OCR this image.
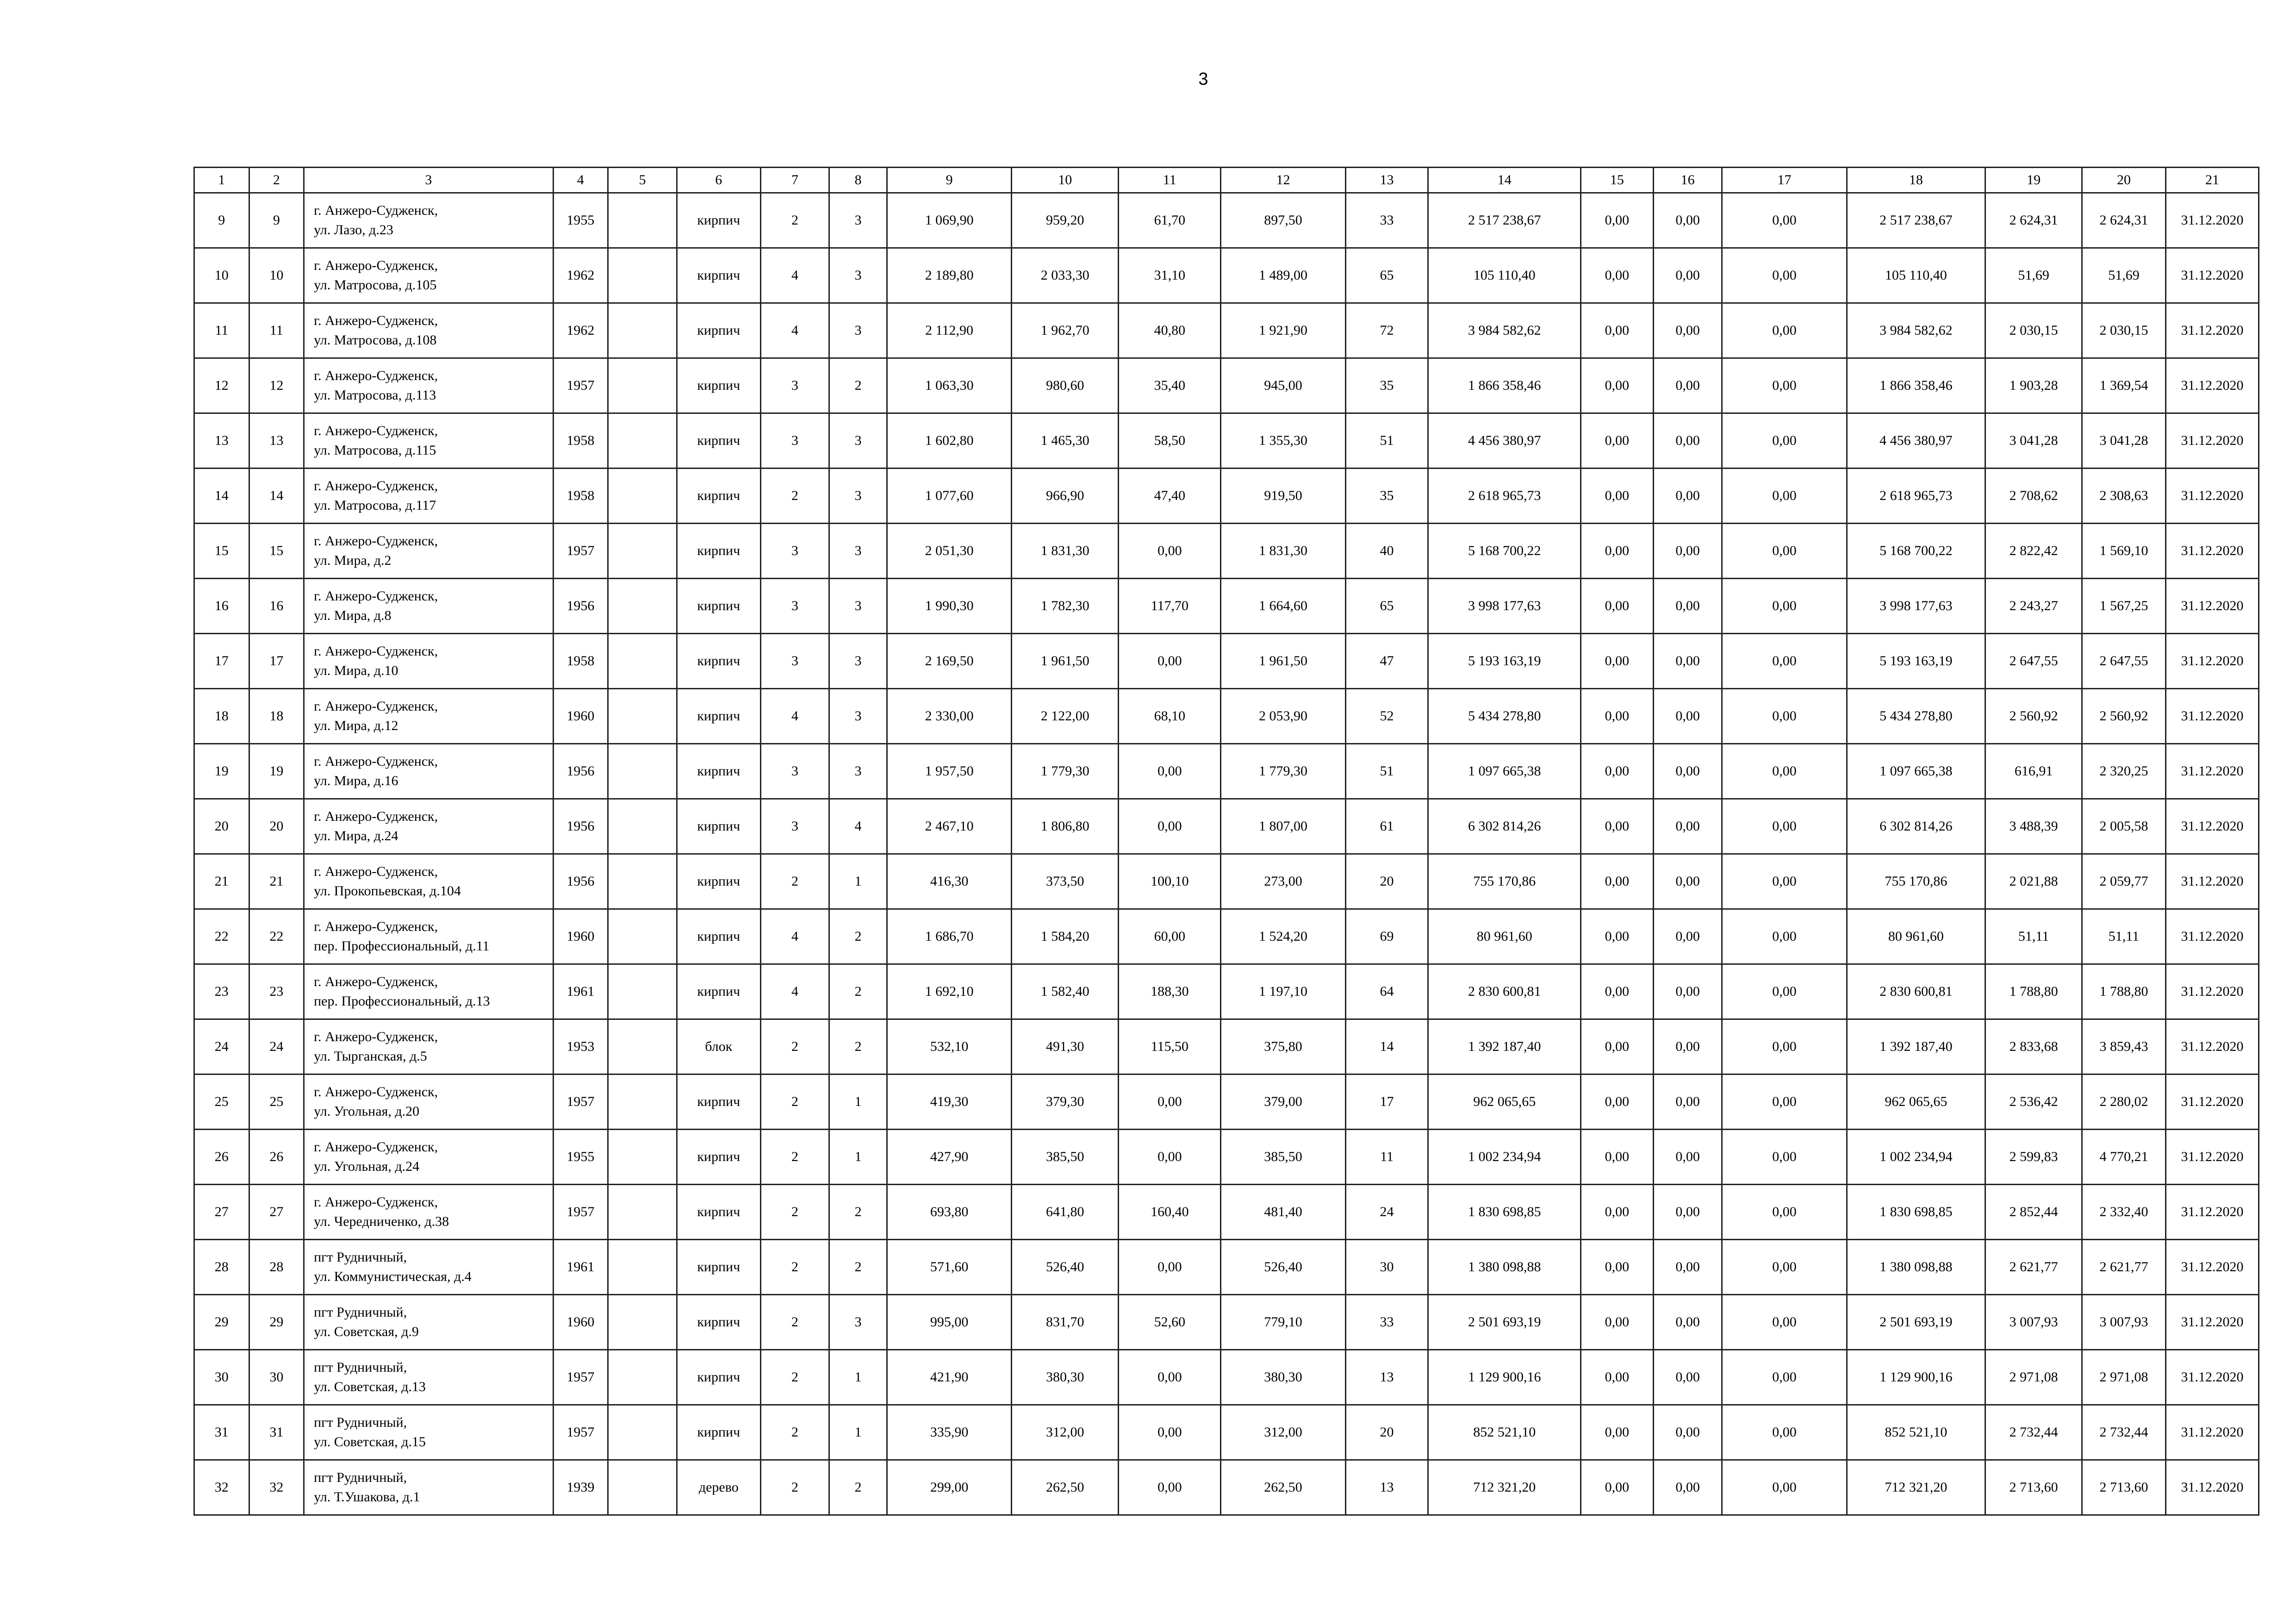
3
1	2	3	4	5	6	7	8	9	10	11	12	13	14	15	16	17	18	19	20	21
9	9	г. Анжеро-Судженск,
ул. Лазо, д.23	1955		кирпич	2	3	1 069,90	959,20	61,70	897,50	33	2 517 238,67	0,00	0,00	0,00	2 517 238,67	2 624,31	2 624,31	31.12.2020
10	10	г. Анжеро-Судженск,
ул. Матросова, д.105	1962		кирпич	4	3	2 189,80	2 033,30	31,10	1 489,00	65	105 110,40	0,00	0,00	0,00	105 110,40	51,69	51,69	31.12.2020
11	11	г. Анжеро-Судженск,
ул. Матросова, д.108	1962		кирпич	4	3	2 112,90	1 962,70	40,80	1 921,90	72	3 984 582,62	0,00	0,00	0,00	3 984 582,62	2 030,15	2 030,15	31.12.2020
12	12	г. Анжеро-Судженск,
ул. Матросова, д.113	1957		кирпич	3	2	1 063,30	980,60	35,40	945,00	35	1 866 358,46	0,00	0,00	0,00	1 866 358,46	1 903,28	1 369,54	31.12.2020
13	13	г. Анжеро-Судженск,
ул. Матросова, д.115	1958		кирпич	3	3	1 602,80	1 465,30	58,50	1 355,30	51	4 456 380,97	0,00	0,00	0,00	4 456 380,97	3 041,28	3 041,28	31.12.2020
14	14	г. Анжеро-Судженск,
ул. Матросова, д.117	1958		кирпич	2	3	1 077,60	966,90	47,40	919,50	35	2 618 965,73	0,00	0,00	0,00	2 618 965,73	2 708,62	2 308,63	31.12.2020
15	15	г. Анжеро-Судженск,
ул. Мира, д.2	1957		кирпич	3	3	2 051,30	1 831,30	0,00	1 831,30	40	5 168 700,22	0,00	0,00	0,00	5 168 700,22	2 822,42	1 569,10	31.12.2020
16	16	г. Анжеро-Судженск,
ул. Мира, д.8	1956		кирпич	3	3	1 990,30	1 782,30	117,70	1 664,60	65	3 998 177,63	0,00	0,00	0,00	3 998 177,63	2 243,27	1 567,25	31.12.2020
17	17	г. Анжеро-Судженск,
ул. Мира, д.10	1958		кирпич	3	3	2 169,50	1 961,50	0,00	1 961,50	47	5 193 163,19	0,00	0,00	0,00	5 193 163,19	2 647,55	2 647,55	31.12.2020
18	18	г. Анжеро-Судженск,
ул. Мира, д.12	1960		кирпич	4	3	2 330,00	2 122,00	68,10	2 053,90	52	5 434 278,80	0,00	0,00	0,00	5 434 278,80	2 560,92	2 560,92	31.12.2020
19	19	г. Анжеро-Судженск,
ул. Мира, д.16	1956		кирпич	3	3	1 957,50	1 779,30	0,00	1 779,30	51	1 097 665,38	0,00	0,00	0,00	1 097 665,38	616,91	2 320,25	31.12.2020
20	20	г. Анжеро-Судженск,
ул. Мира, д.24	1956		кирпич	3	4	2 467,10	1 806,80	0,00	1 807,00	61	6 302 814,26	0,00	0,00	0,00	6 302 814,26	3 488,39	2 005,58	31.12.2020
21	21	г. Анжеро-Судженск,
ул. Прокопьевская, д.104	1956		кирпич	2	1	416,30	373,50	100,10	273,00	20	755 170,86	0,00	0,00	0,00	755 170,86	2 021,88	2 059,77	31.12.2020
22	22	г. Анжеро-Судженск,
пер. Профессиональный, д.11	1960		кирпич	4	2	1 686,70	1 584,20	60,00	1 524,20	69	80 961,60	0,00	0,00	0,00	80 961,60	51,11	51,11	31.12.2020
23	23	г. Анжеро-Судженск,
пер. Профессиональный, д.13	1961		кирпич	4	2	1 692,10	1 582,40	188,30	1 197,10	64	2 830 600,81	0,00	0,00	0,00	2 830 600,81	1 788,80	1 788,80	31.12.2020
24	24	г. Анжеро-Судженск,
ул. Тырганская, д.5	1953		блок	2	2	532,10	491,30	115,50	375,80	14	1 392 187,40	0,00	0,00	0,00	1 392 187,40	2 833,68	3 859,43	31.12.2020
25	25	г. Анжеро-Судженск,
ул. Угольная, д.20	1957		кирпич	2	1	419,30	379,30	0,00	379,00	17	962 065,65	0,00	0,00	0,00	962 065,65	2 536,42	2 280,02	31.12.2020
26	26	г. Анжеро-Судженск,
ул. Угольная, д.24	1955		кирпич	2	1	427,90	385,50	0,00	385,50	11	1 002 234,94	0,00	0,00	0,00	1 002 234,94	2 599,83	4 770,21	31.12.2020
27	27	г. Анжеро-Судженск,
ул. Чередниченко, д.38	1957		кирпич	2	2	693,80	641,80	160,40	481,40	24	1 830 698,85	0,00	0,00	0,00	1 830 698,85	2 852,44	2 332,40	31.12.2020
28	28	пгт Рудничный,
ул. Коммунистическая, д.4	1961		кирпич	2	2	571,60	526,40	0,00	526,40	30	1 380 098,88	0,00	0,00	0,00	1 380 098,88	2 621,77	2 621,77	31.12.2020
29	29	пгт Рудничный,
ул. Советская, д.9	1960		кирпич	2	3	995,00	831,70	52,60	779,10	33	2 501 693,19	0,00	0,00	0,00	2 501 693,19	3 007,93	3 007,93	31.12.2020
30	30	пгт Рудничный,
ул. Советская, д.13	1957		кирпич	2	1	421,90	380,30	0,00	380,30	13	1 129 900,16	0,00	0,00	0,00	1 129 900,16	2 971,08	2 971,08	31.12.2020
31	31	пгт Рудничный,
ул. Советская, д.15	1957		кирпич	2	1	335,90	312,00	0,00	312,00	20	852 521,10	0,00	0,00	0,00	852 521,10	2 732,44	2 732,44	31.12.2020
32	32	пгт Рудничный,
ул. Т.Ушакова, д.1	1939		дерево	2	2	299,00	262,50	0,00	262,50	13	712 321,20	0,00	0,00	0,00	712 321,20	2 713,60	2 713,60	31.12.2020
